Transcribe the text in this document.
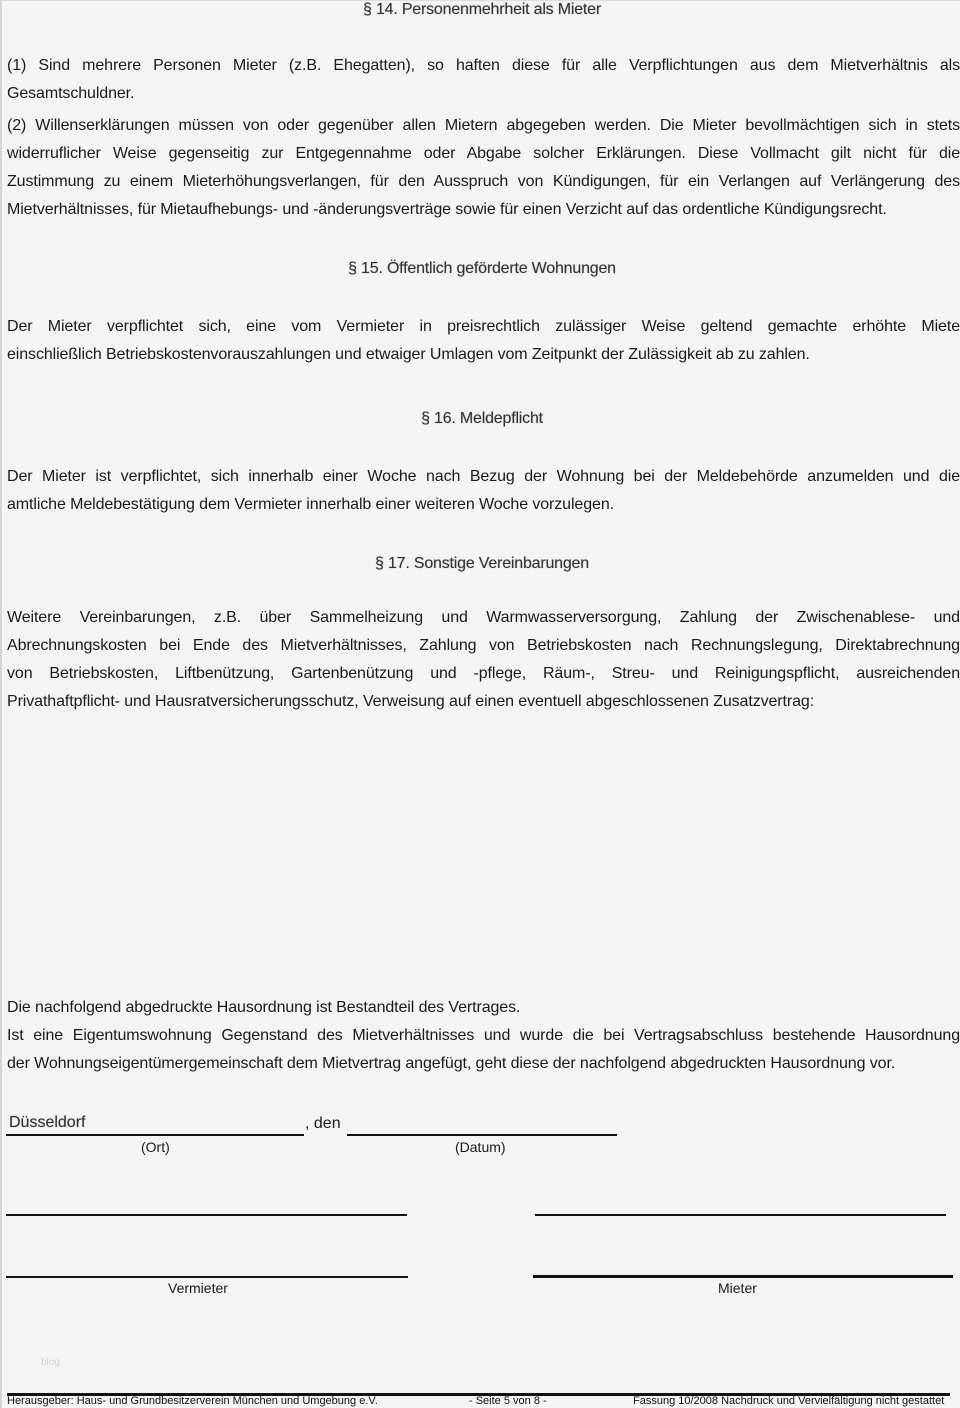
§ 14. Personenmehrheit als Mieter
(1) Sind mehrere Personen Mieter (z.B. Ehegatten), so haften diese für alle Verpflichtungen aus dem Mietverhältnis als
Gesamtschuldner.
(2) Willenserklärungen müssen von oder gegenüber allen Mietern abgegeben werden. Die Mieter bevollmächtigen sich in stets
widerruflicher Weise gegenseitig zur Entgegennahme oder Abgabe solcher Erklärungen. Diese Vollmacht gilt nicht für die
Zustimmung zu einem Mieterhöhungsverlangen, für den Ausspruch von Kündigungen, für ein Verlangen auf Verlängerung des
Mietverhältnisses, für Mietaufhebungs- und -änderungsverträge sowie für einen Verzicht auf das ordentliche Kündigungsrecht.
§ 15. Öffentlich geförderte Wohnungen
Der Mieter verpflichtet sich, eine vom Vermieter in preisrechtlich zulässiger Weise geltend gemachte erhöhte Miete
einschließlich Betriebskostenvorauszahlungen und etwaiger Umlagen vom Zeitpunkt der Zulässigkeit ab zu zahlen.
§ 16. Meldepflicht
Der Mieter ist verpflichtet, sich innerhalb einer Woche nach Bezug der Wohnung bei der Meldebehörde anzumelden und die
amtliche Meldebestätigung dem Vermieter innerhalb einer weiteren Woche vorzulegen.
§ 17. Sonstige Vereinbarungen
Weitere Vereinbarungen, z.B. über Sammelheizung und Warmwasserversorgung, Zahlung der Zwischenablese- und
Abrechnungskosten bei Ende des Mietverhältnisses, Zahlung von Betriebskosten nach Rechnungslegung, Direktabrechnung
von Betriebskosten, Liftbenützung, Gartenbenützung und -pflege, Räum-, Streu- und Reinigungspflicht, ausreichenden
Privathaftpflicht- und Hausratversicherungsschutz, Verweisung auf einen eventuell abgeschlossenen Zusatzvertrag:
Die nachfolgend abgedruckte Hausordnung ist Bestandteil des Vertrages.
Ist eine Eigentumswohnung Gegenstand des Mietverhältnisses und wurde die bei Vertragsabschluss bestehende Hausordnung
der Wohnungseigentümergemeinschaft dem Mietvertrag angefügt, geht diese der nachfolgend abgedruckten Hausordnung vor.
Düsseldorf	, den
(Ort)	(Datum)
Vermieter	Mieter
blog
Herausgeber: Haus- und Grundbesitzerverein München und Umgebung e.V.	- Seite 5 von 8 -	Fassung 10/2008 Nachdruck und Vervielfältigung nicht gestattet
